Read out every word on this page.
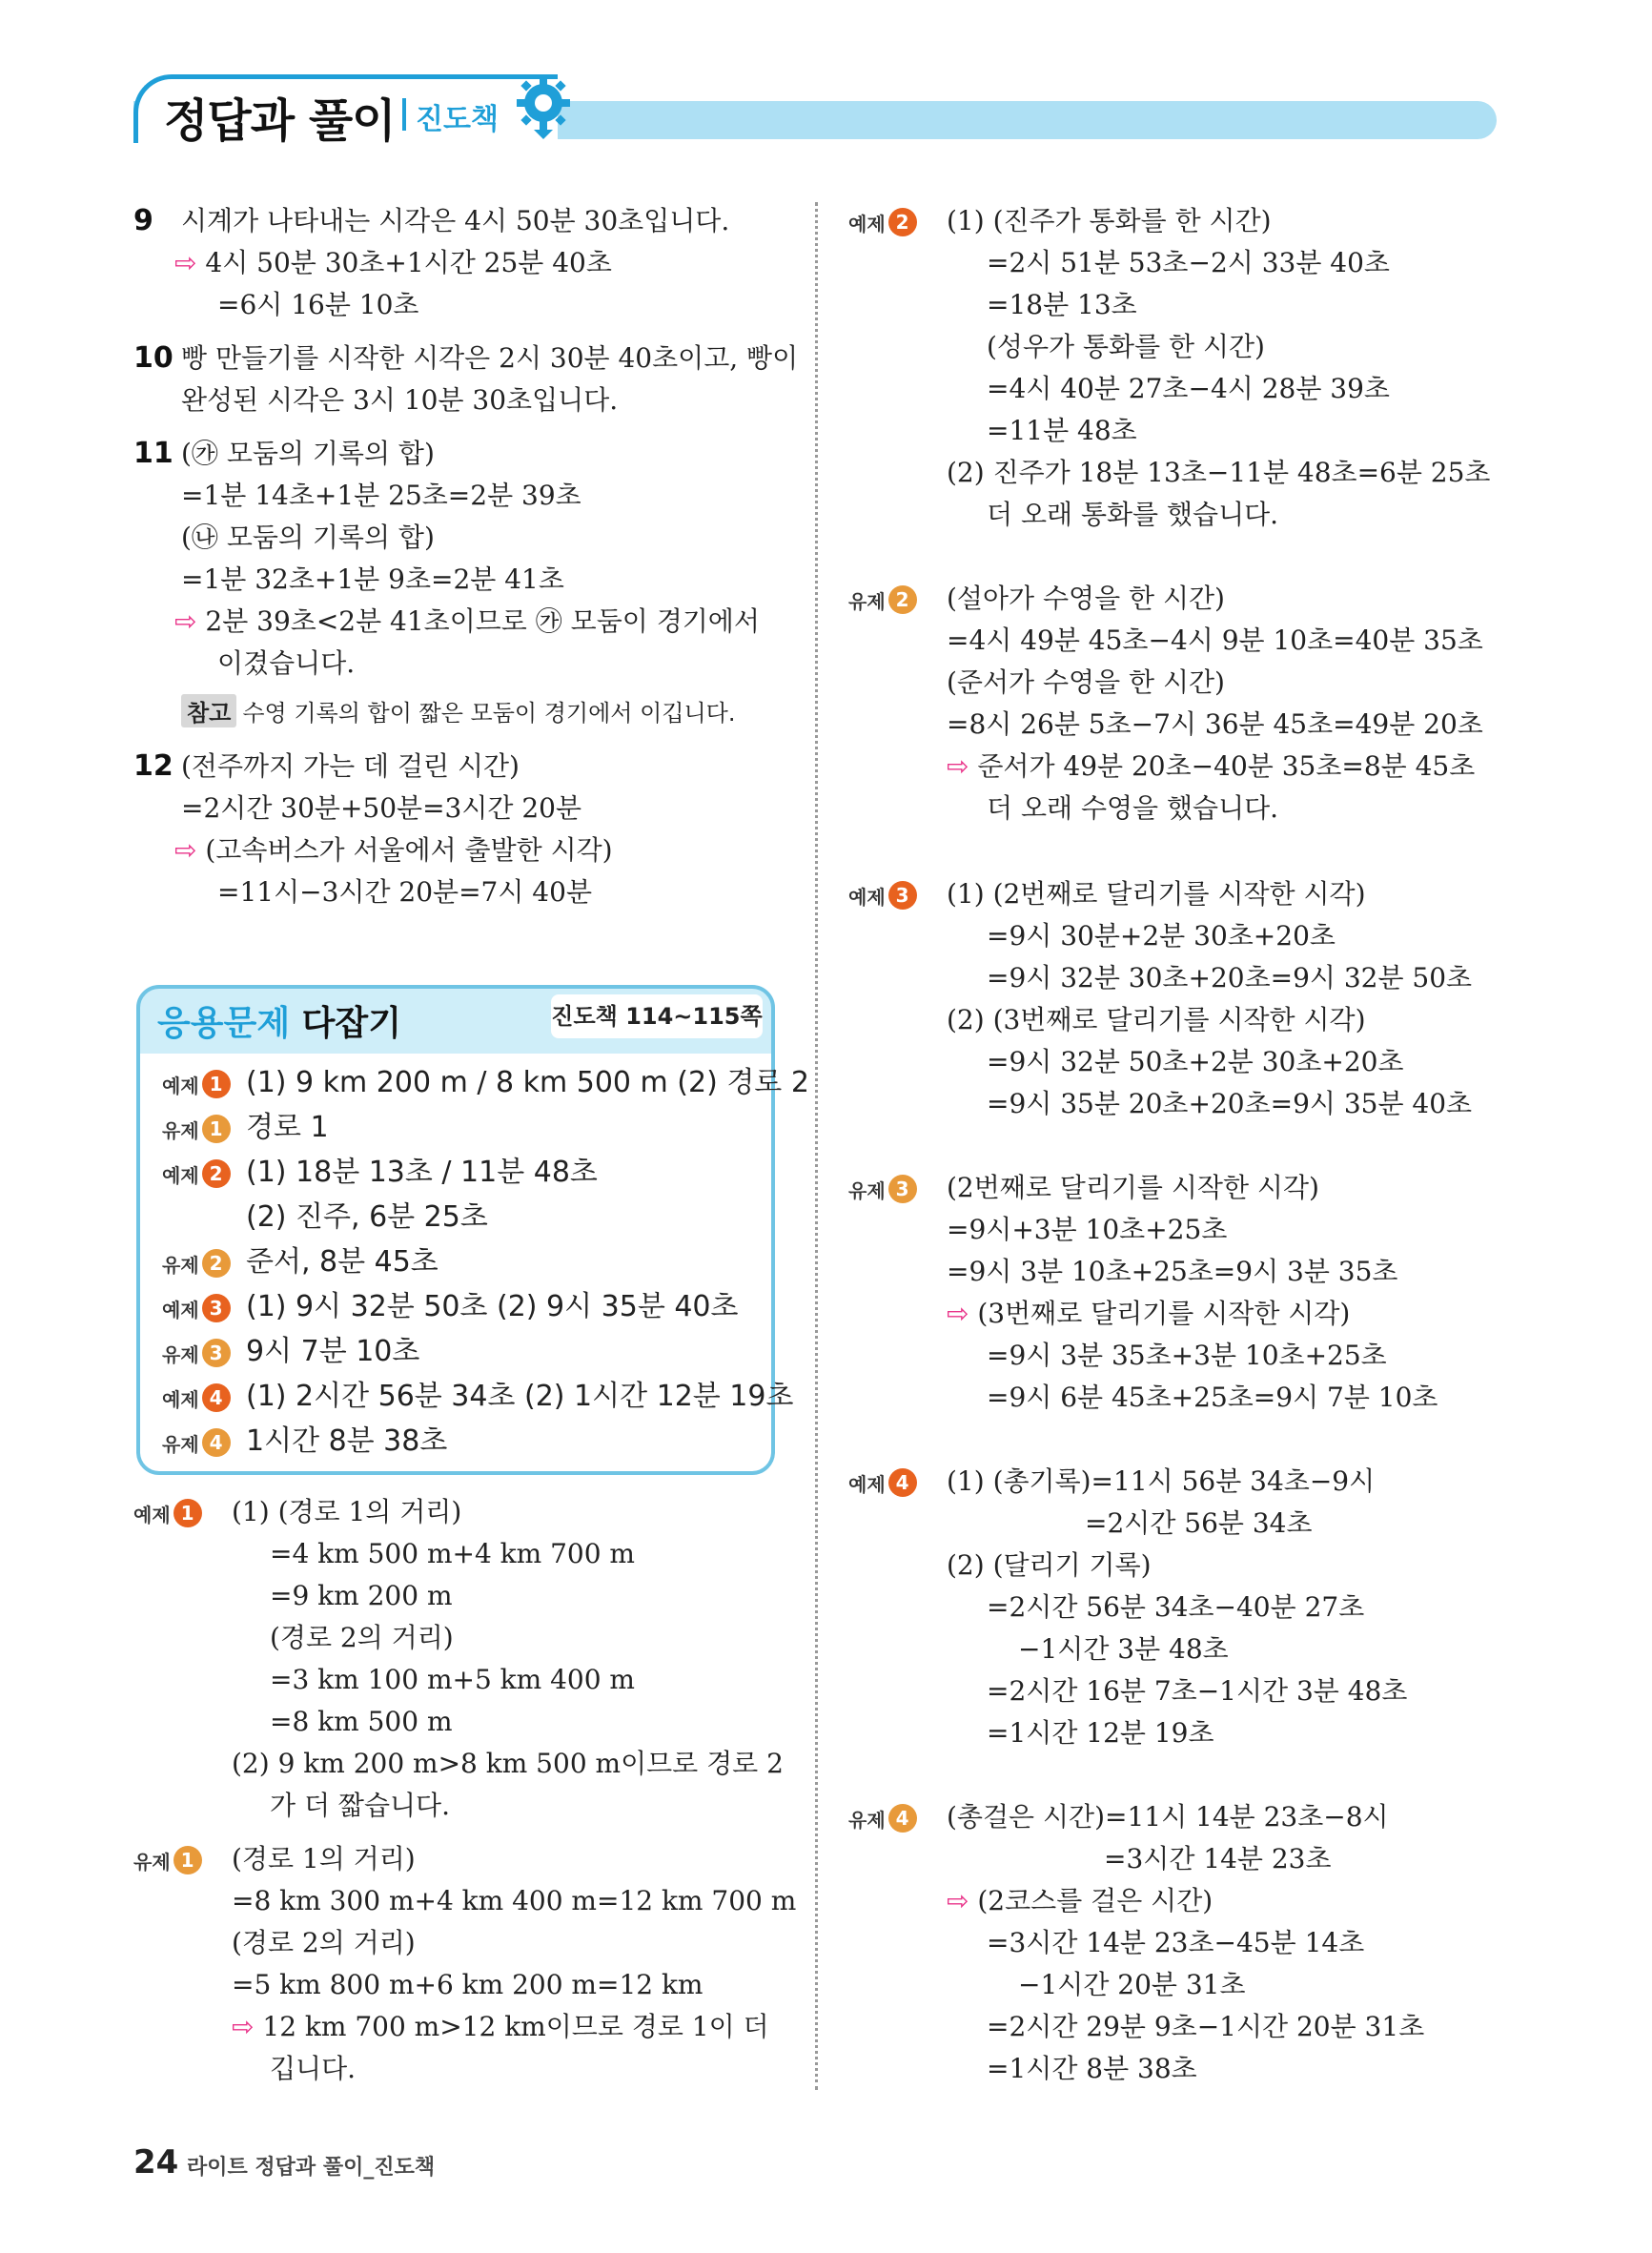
정답과 풀이 진도책
9 시계가 나타내는 시각은 4시 50분 30초입니다.
⇨ 4시 50분 30초+1시간 25분 40초
=6시 16분 10초
10 빵 만들기를 시작한 시각은 2시 30분 40초이고, 빵이
완성된 시각은 3시 10분 30초입니다.
11 (㉮ 모둠의 기록의 합)
=1분 14초+1분 25초=2분 39초
(㉯ 모둠의 기록의 합)
=1분 32초+1분 9초=2분 41초
⇨ 2분 39초<2분 41초이므로 ㉮ 모둠이 경기에서
이겼습니다.
참고 수영 기록의 합이 짧은 모둠이 경기에서 이깁니다.
12 (전주까지 가는 데 걸린 시간)
=2시간 30분+50분=3시간 20분
⇨ (고속버스가 서울에서 출발한 시각)
=11시−3시간 20분=7시 40분
응용문제 다잡기	진도책 114~115쪽
예제 1 (1) (경로 1의 거리)
=4 km 500 m+4 km 700 m
=9 km 200 m
(경로 2의 거리)
=3 km 100 m+5 km 400 m
=8 km 500 m
(2) 9 km 200 m>8 km 500 m이므로 경로 2
가 더 짧습니다.
유제 1 (경로 1의 거리)
=8 km 300 m+4 km 400 m=12 km 700 m
(경로 2의 거리)
=5 km 800 m+6 km 200 m=12 km
⇨ 12 km 700 m>12 km이므로 경로 1이 더
깁니다.
예제 2 (1) (진주가 통화를 한 시간)
=2시 51분 53초−2시 33분 40초
=18분 13초
(성우가 통화를 한 시간)
=4시 40분 27초−4시 28분 39초
=11분 48초
(2) 진주가 18분 13초−11분 48초=6분 25초
더 오래 통화를 했습니다.
유제 2 (설아가 수영을 한 시간)
=4시 49분 45초−4시 9분 10초=40분 35초
(준서가 수영을 한 시간)
=8시 26분 5초−7시 36분 45초=49분 20초
⇨ 준서가 49분 20초−40분 35초=8분 45초
더 오래 수영을 했습니다.
예제 3 (1) (2번째로 달리기를 시작한 시각)
=9시 30분+2분 30초+20초
=9시 32분 30초+20초=9시 32분 50초
(2) (3번째로 달리기를 시작한 시각)
=9시 32분 50초+2분 30초+20초
=9시 35분 20초+20초=9시 35분 40초
유제 3 (2번째로 달리기를 시작한 시각)
=9시+3분 10초+25초
=9시 3분 10초+25초=9시 3분 35초
⇨ (3번째로 달리기를 시작한 시각)
=9시 3분 35초+3분 10초+25초
=9시 6분 45초+25초=9시 7분 10초
예제 4 (1) (총기록)=11시 56분 34초−9시
=2시간 56분 34초
(2) (달리기 기록)
=2시간 56분 34초−40분 27초
−1시간 3분 48초
=2시간 16분 7초−1시간 3분 48초
=1시간 12분 19초
유제 4 (총걸은 시간)=11시 14분 23초−8시
=3시간 14분 23초
⇨ (2코스를 걸은 시간)
=3시간 14분 23초−45분 14초
−1시간 20분 31초
=2시간 29분 9초−1시간 20분 31초
=1시간 8분 38초
24 라이트 정답과 풀이_진도책
예제 1 (1) 9 km 200 m / 8 km 500 m (2) 경로 2
유제 1 경로 1
예제 2 (1) 18분 13초 / 11분 48초
(2) 진주, 6분 25초
유제 2 준서, 8분 45초
예제 3 (1) 9시 32분 50초 (2) 9시 35분 40초
유제 3 9시 7분 10초
예제 4 (1) 2시간 56분 34초 (2) 1시간 12분 19초
유제 4 1시간 8분 38초
